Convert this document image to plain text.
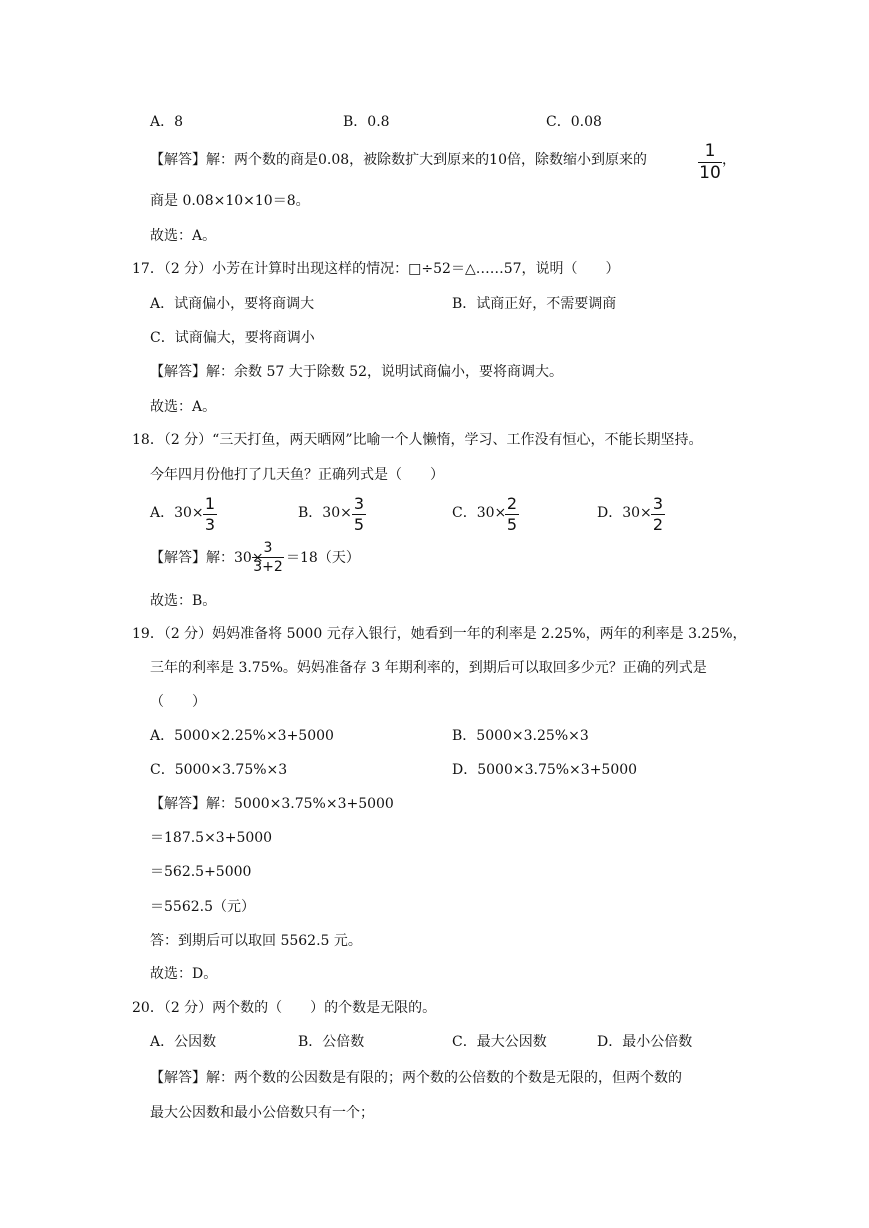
A．8	B．0.8	C．0.08
【解答】解：两个数的商是0.08，被除数扩大到原来的10倍，除数缩小到原来的	$\frac{1}{10}$ ，
商是 0.08×10×10＝8。
故选：A。
17．（2 分）小芳在计算时出现这样的情况：□÷52＝△……57，说明（　　）
A．试商偏小，要将商调大	B．试商正好，不需要调商
C．试商偏大，要将商调小
【解答】解：余数 57 大于除数 52，说明试商偏小，要将商调大。
故选：A。
18．（2 分）“三天打鱼，两天晒网”比喻一个人懒惰，学习、工作没有恒心，不能长期坚持。
今年四月份他打了几天鱼？正确列式是（　　）
A．$30\times \frac{1}{3}$	B．$30\times \frac{3}{5}$	C．30×
$\frac{2}{5}$	D．$30\times \frac{3}{2}$
【解答】解：30×
$\frac{3}{3+2} =18$（天）
故选：B。
19．（2 分）妈妈准备将 5000 元存入银行，她看到一年的利率是 2.25%，两年的利率是 3.25%，
三年的利率是 3.75%。妈妈准备存 3 年期利率的，到期后可以取回多少元？正确的列式是
（　　）
A．5000×2.25%×3+5000	B．5000×3.25%×3
C．5000×3.75%×3	D．5000×3.75%×3+5000
【解答】解：5000×3.75%×3+5000
＝187.5×3+5000
＝562.5+5000
＝5562.5（元）
答：到期后可以取回 5562.5 元。
故选：D。
20．（2 分）两个数的（　　）的个数是无限的。
A．公因数	B．公倍数	C．最大公因数	D．最小公倍数
【解答】解：两个数的公因数是有限的；两个数的公倍数的个数是无限的，但两个数的
最大公因数和最小公倍数只有一个；
